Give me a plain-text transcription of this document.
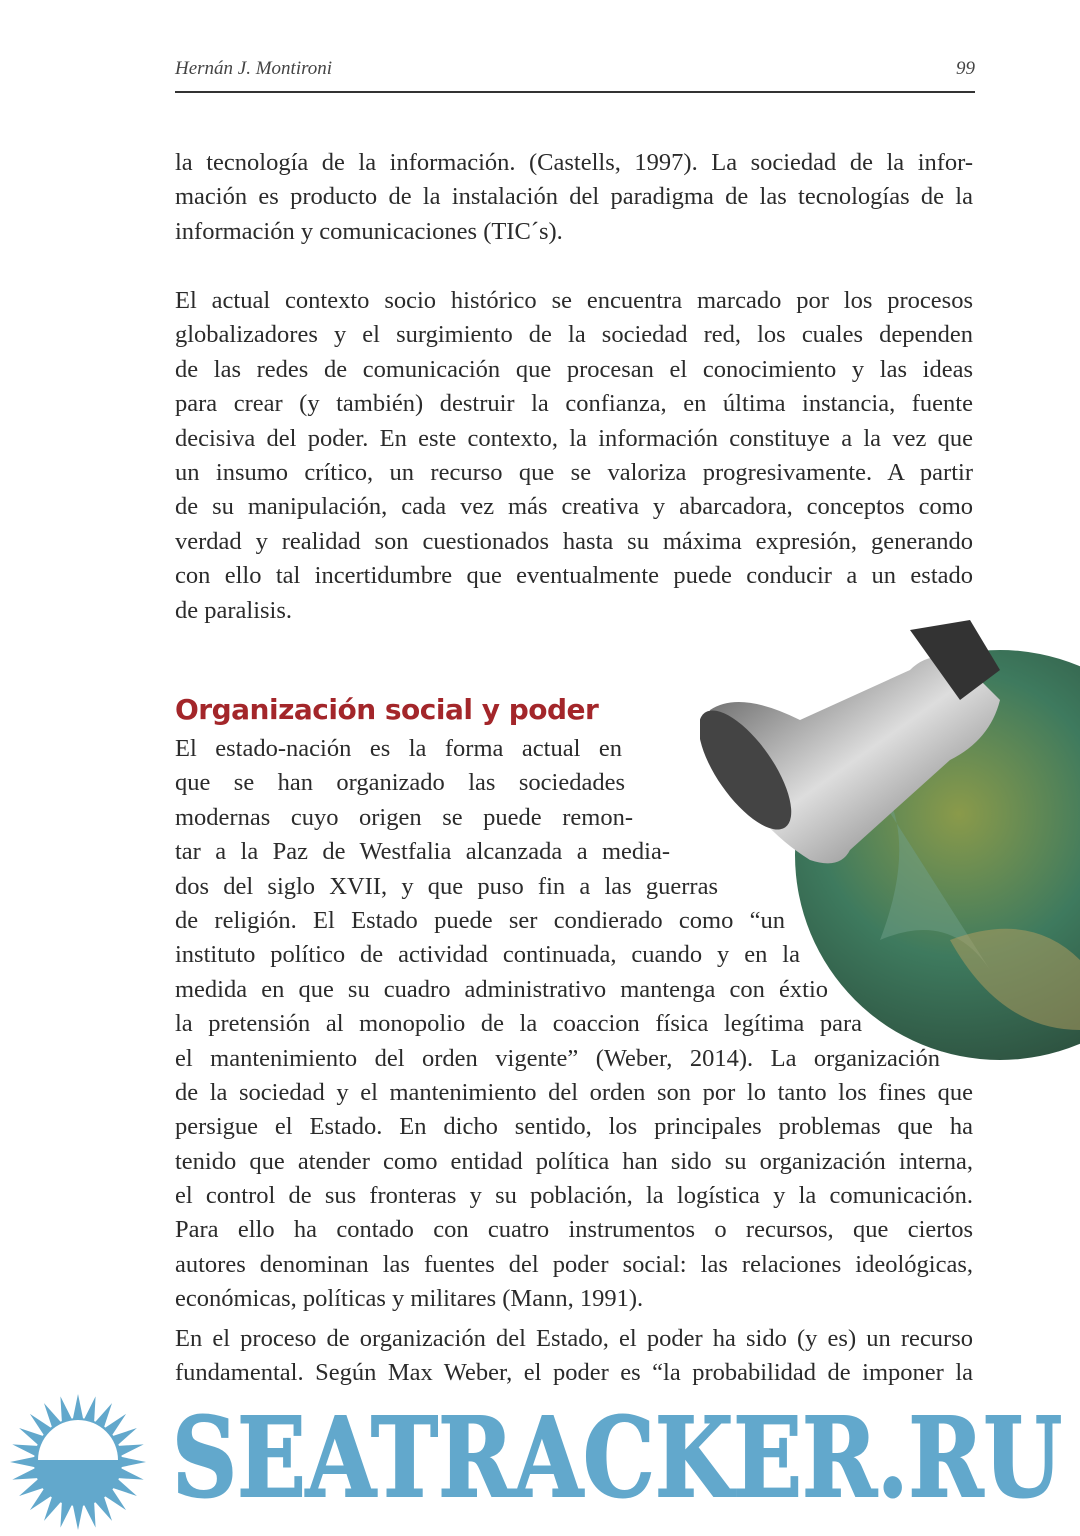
Hernán J. Montironi	99
la tecnología de la información. (Castells, 1997). La sociedad de la infor-
mación es producto de la instalación del paradigma de las tecnologías de la
información y comunicaciones (TIC´s).
El actual contexto socio histórico se encuentra marcado por los procesos
globalizadores y el surgimiento de la sociedad red, los cuales dependen
de las redes de comunicación que procesan el conocimiento y las ideas
para crear (y también) destruir la confianza, en última instancia, fuente
decisiva del poder. En este contexto, la información constituye a la vez que
un insumo crítico, un recurso que se valoriza progresivamente. A partir
de su manipulación, cada vez más creativa y abarcadora, conceptos como
verdad y realidad son cuestionados hasta su máxima expresión, generando
con ello tal incertidumbre que eventualmente puede conducir a un estado
de paralisis.
Organización social y poder
El estado-nación es la forma actual en
que se han organizado las sociedades
modernas cuyo origen se puede remon-
tar a la Paz de Westfalia alcanzada a media-
dos del siglo XVII, y que puso fin a las guerras
de religión. El Estado puede ser condierado como “un
instituto político de actividad continuada, cuando y en la
medida en que su cuadro administrativo mantenga con éxtio
la pretensión al monopolio de la coaccion física legítima para
el mantenimiento del orden vigente” (Weber, 2014). La organización
de la sociedad y el mantenimiento del orden son por lo tanto los fines que
persigue el Estado. En dicho sentido, los principales problemas que ha
tenido que atender como entidad política han sido su organización interna,
el control de sus fronteras y su población, la logística y la comunicación.
Para ello ha contado con cuatro instrumentos o recursos, que ciertos
autores denominan las fuentes del poder social: las relaciones ideológicas,
económicas, políticas y militares (Mann, 1991).
En el proceso de organización del Estado, el poder ha sido (y es) un recurso
fundamental. Según Max Weber, el poder es “la probabilidad de imponer la
SEATRACKER.RU
